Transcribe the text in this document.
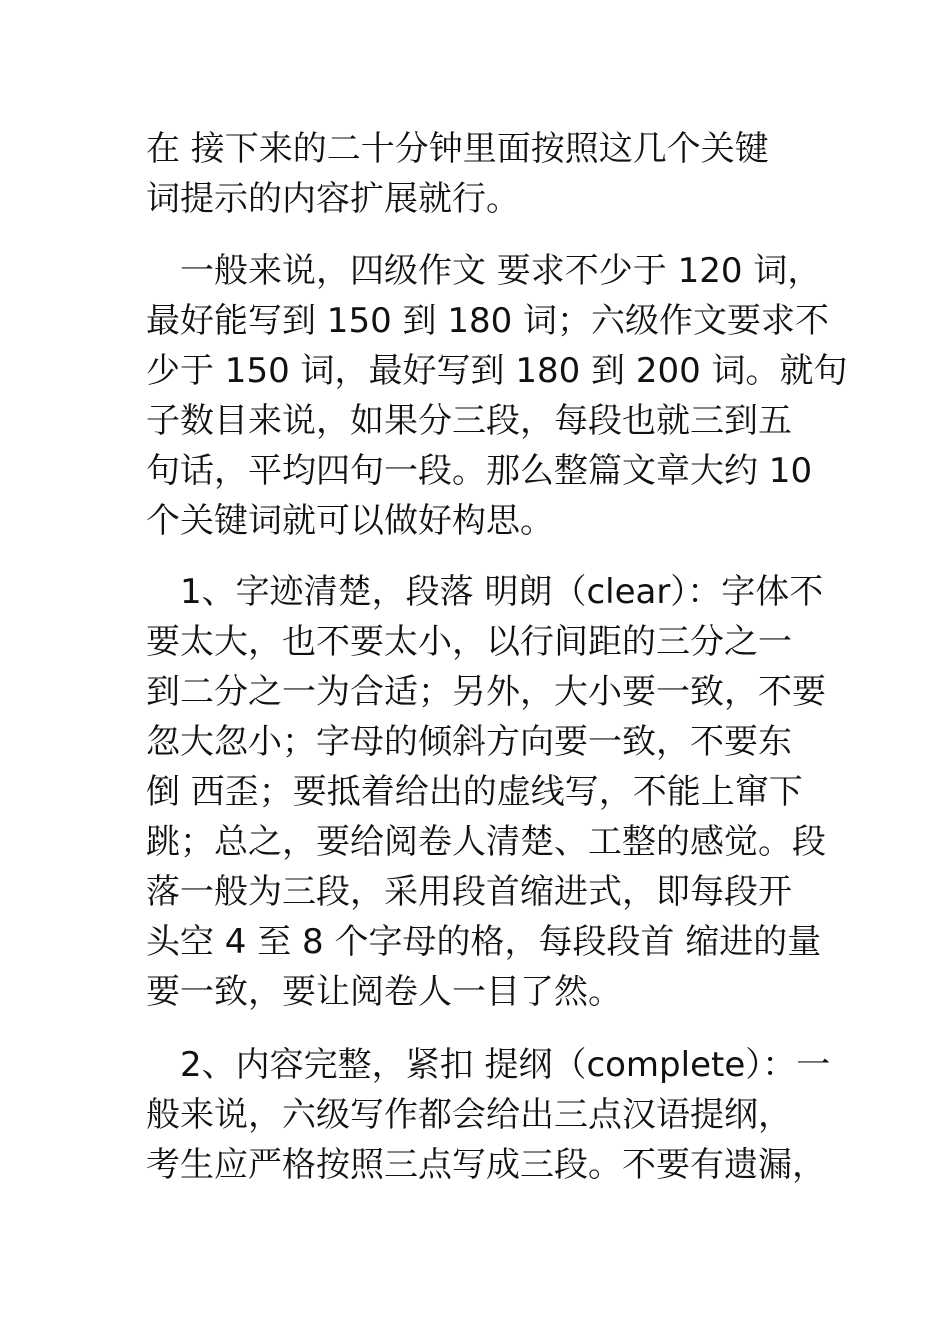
在 接下来的二十分钟里面按照这几个关键
词提示的内容扩展就行。
　一般来说，四级作文 要求不少于 120 词，
最好能写到 150 到 180 词；六级作文要求不
少于 150 词，最好写到 180 到 200 词。就句
子数目来说，如果分三段，每段也就三到五
句话，平均四句一段。那么整篇文章大约 10
个关键词就可以做好构思。
　1、字迹清楚，段落 明朗（clear）：字体不
要太大，也不要太小，以行间距的三分之一
到二分之一为合适；另外，大小要一致，不要
忽大忽小；字母的倾斜方向要一致，不要东
倒 西歪；要抵着给出的虚线写，不能上窜下
跳；总之，要给阅卷人清楚、工整的感觉。段
落一般为三段，采用段首缩进式，即每段开
头空 4 至 8 个字母的格，每段段首 缩进的量
要一致，要让阅卷人一目了然。
　2、内容完整，紧扣 提纲（complete）：一
般来说，六级写作都会给出三点汉语提纲，
考生应严格按照三点写成三段。不要有遗漏，
